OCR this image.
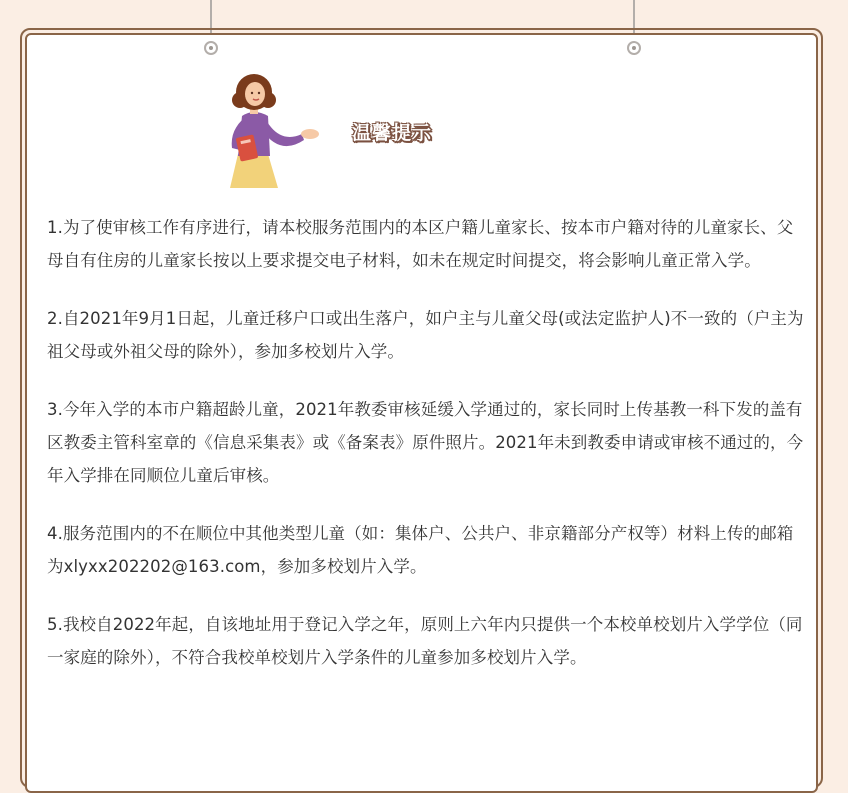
温馨提示

1.为了使审核工作有序进行，请本校服务范围内的本区户籍儿童家长、按本市户籍对待的儿童家长、父母自有住房的儿童家长按以上要求提交电子材料，如未在规定时间提交，将会影响儿童正常入学。

2.自2021年9月1日起，儿童迁移户口或出生落户，如户主与儿童父母(或法定监护人)不一致的（户主为祖父母或外祖父母的除外），参加多校划片入学。

3.今年入学的本市户籍超龄儿童，2021年教委审核延缓入学通过的，家长同时上传基教一科下发的盖有区教委主管科室章的《信息采集表》或《备案表》原件照片。2021年未到教委申请或审核不通过的，今年入学排在同顺位儿童后审核。

4.服务范围内的不在顺位中其他类型儿童（如：集体户、公共户、非京籍部分产权等）材料上传的邮箱为xlyxx202202@163.com，参加多校划片入学。

5.我校自2022年起，自该地址用于登记入学之年，原则上六年内只提供一个本校单校划片入学学位（同一家庭的除外），不符合我校单校划片入学条件的儿童参加多校划片入学。
